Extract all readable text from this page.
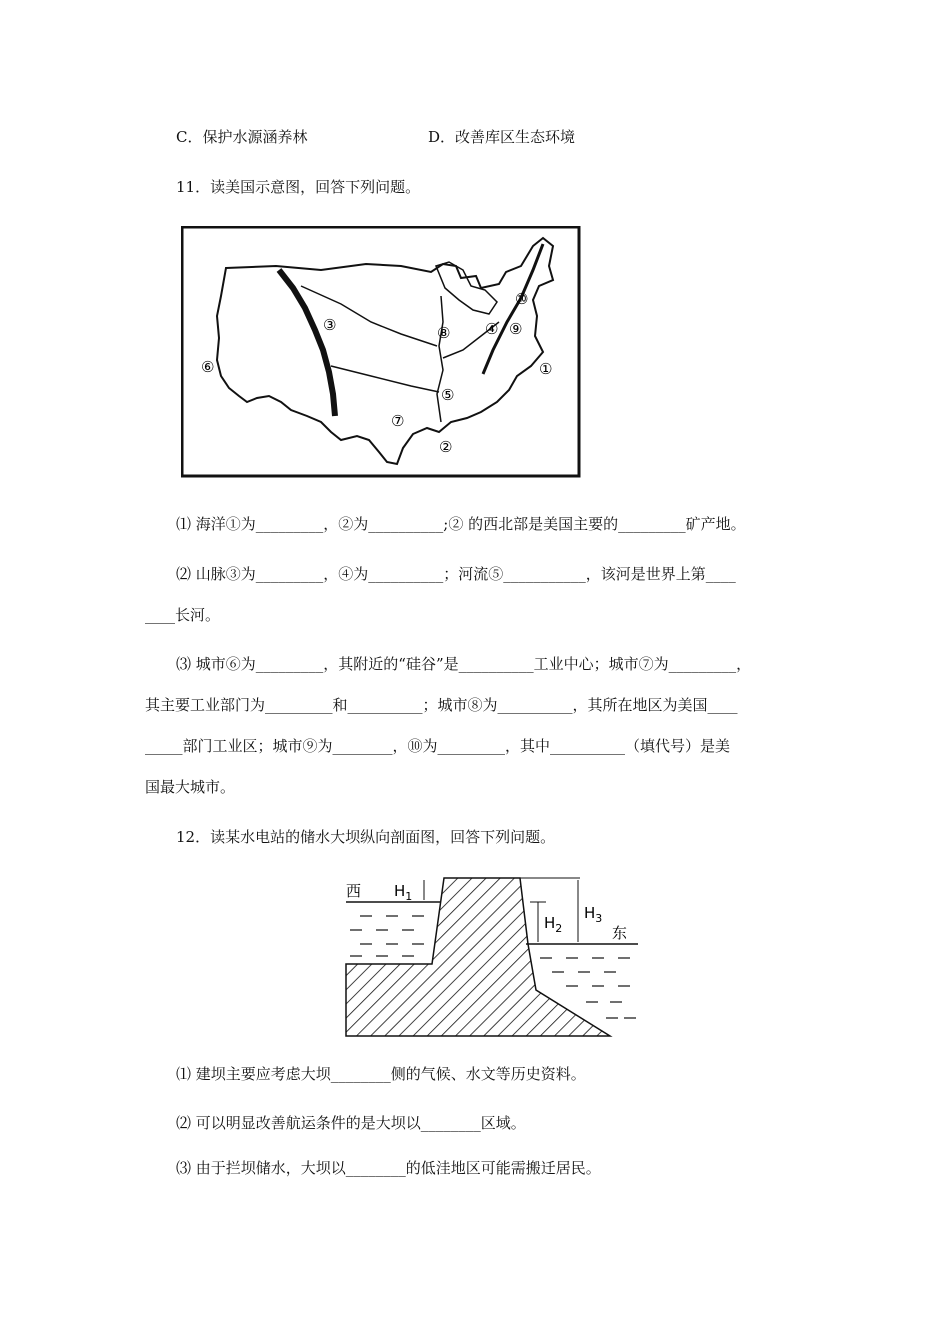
C．保护水源涵养林	D．改善库区生态环境
11．读美国示意图，回答下列问题。
③
⑥
⑦
②
⑤
⑧ ④ ⑨
⑩
①
⑴ 海洋①为_________，②为__________;② 的西北部是美国主要的_________矿产地。
⑵ 山脉③为_________，④为__________；河流⑤___________，该河是世界上第____
____长河。
⑶ 城市⑥为_________，其附近的“硅谷”是__________工业中心；城市⑦为_________，
其主要工业部门为_________和__________；城市⑧为__________，其所在地区为美国____
_____部门工业区；城市⑨为________，⑩为_________，其中__________（填代号）是美
国最大城市。
12．读某水电站的储水大坝纵向剖面图，回答下列问题。
西 $H_1$
$H_2$
$H_3$
东
⑴ 建坝主要应考虑大坝________侧的气候、水文等历史资料。
⑵ 可以明显改善航运条件的是大坝以________区域。
⑶ 由于拦坝储水，大坝以________的低洼地区可能需搬迁居民。
